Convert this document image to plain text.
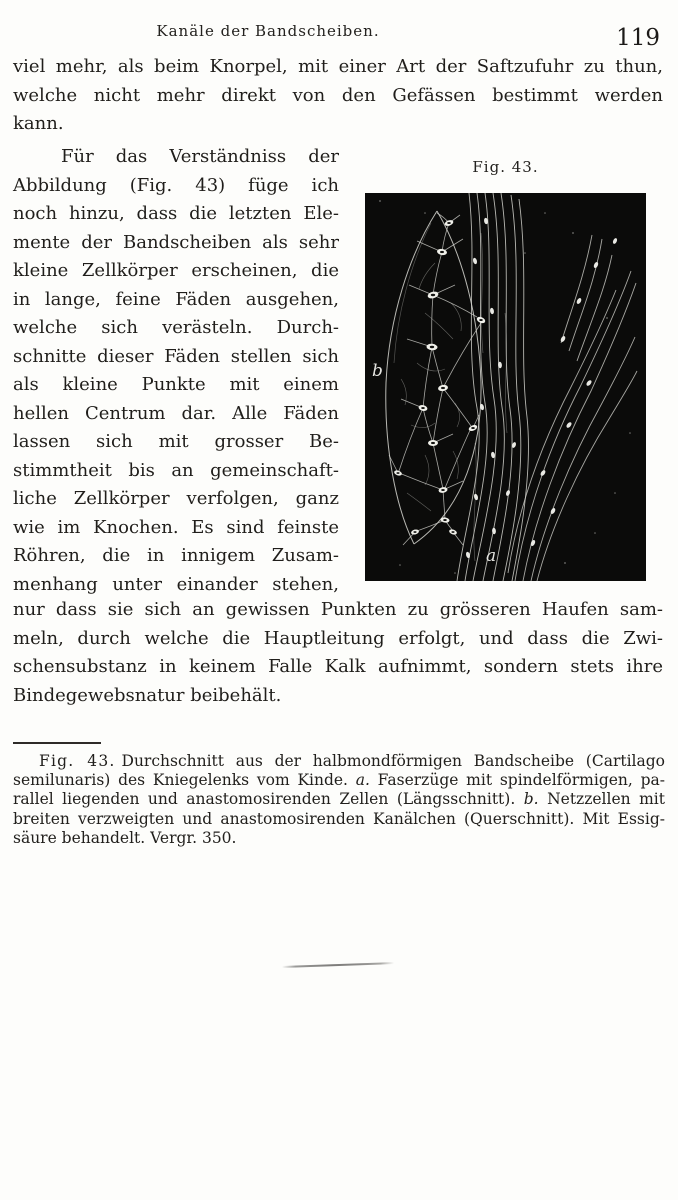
Kanäle der Bandscheiben.	119
viel mehr, als beim Knorpel, mit einer Art der Saftzufuhr zu thun,
welche nicht mehr direkt von den Gefässen bestimmt werden
kann.
Für das Verständniss der
Abbildung (Fig. 43) füge ich
noch hinzu, dass die letzten Ele-
mente der Bandscheiben als sehr
kleine Zellkörper erscheinen, die
in lange, feine Fäden ausgehen,
welche sich verästeln. Durch-
schnitte dieser Fäden stellen sich
als kleine Punkte mit einem
hellen Centrum dar. Alle Fäden
lassen sich mit grosser Be-
stimmtheit bis an gemeinschaft-
liche Zellkörper verfolgen, ganz
wie im Knochen. Es sind feinste
Röhren, die in innigem Zusam-
menhang unter einander stehen,
Fig. 43.
b
a
nur dass sie sich an gewissen Punkten zu grösseren Haufen sam-
meln, durch welche die Hauptleitung erfolgt, und dass die Zwi-
schensubstanz in keinem Falle Kalk aufnimmt, sondern stets ihre
Bindegewebsnatur beibehält.
Fig. 43. Durchschnitt aus der halbmondförmigen Bandscheibe (Cartilago
semilunaris) des Kniegelenks vom Kinde. a. Faserzüge mit spindelförmigen, pa-
rallel liegenden und anastomosirenden Zellen (Längsschnitt). b. Netzzellen mit
breiten verzweigten und anastomosirenden Kanälchen (Querschnitt). Mit Essig-
säure behandelt. Vergr. 350.
